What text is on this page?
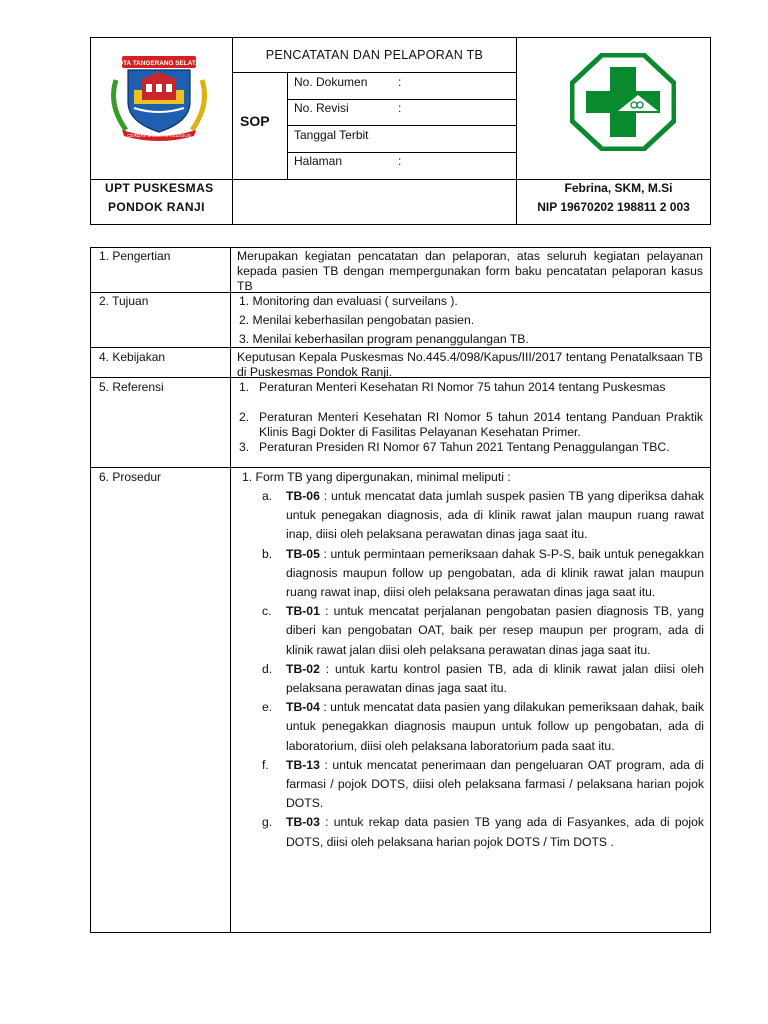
KOTA TANGERANG SELATAN
CERDAS MODERN RELIGIUS
PENCATATAN DAN PELAPORAN TB
SOP
No. Dokumen	:
No. Revisi	:
Tanggal Terbit
Halaman	:
UPT PUSKESMAS
PONDOK RANJI
Febrina, SKM, M.Si
NIP 19670202 198811 2 003
1. Pengertian	Merupakan kegiatan pencatatan dan pelaporan, atas seluruh kegiatan pelayanan kepada pasien TB dengan mempergunakan form baku pencatatan pelaporan kasus TB
2. Tujuan	1. Monitoring dan evaluasi ( surveilans ).
2. Menilai keberhasilan pengobatan pasien.
3. Menilai keberhasilan program penanggulangan TB.
4. Kebijakan	Keputusan Kepala Puskesmas No.445.4/098/Kapus/III/2017 tentang Penatalksaan TB di Puskesmas Pondok Ranji.
5. Referensi	1. Peraturan Menteri Kesehatan RI Nomor 75 tahun 2014 tentang Puskesmas
2. Peraturan Menteri Kesehatan RI Nomor 5 tahun 2014 tentang Panduan Praktik Klinis Bagi Dokter di Fasilitas Pelayanan Kesehatan Primer.
3. Peraturan Presiden RI Nomor 67 Tahun 2021 Tentang Penaggulangan TBC.
6. Prosedur	1. Form TB yang dipergunakan, minimal meliputi :
a.	TB-06 : untuk mencatat data jumlah suspek pasien TB yang diperiksa dahak untuk penegakan diagnosis, ada di klinik rawat jalan maupun ruang rawat inap, diisi oleh pelaksana perawatan dinas jaga saat itu.
b.	TB-05 : untuk permintaan pemeriksaan dahak S-P-S, baik untuk penegakkan diagnosis maupun follow up pengobatan, ada di klinik rawat jalan maupun ruang rawat inap, diisi oleh pelaksana perawatan dinas jaga saat itu.
c.	TB-01 : untuk mencatat perjalanan pengobatan pasien diagnosis TB, yang diberi kan pengobatan OAT, baik per resep maupun per program, ada di klinik rawat jalan diisi oleh pelaksana perawatan dinas jaga saat itu.
d.	TB-02 : untuk kartu kontrol pasien TB, ada di klinik rawat jalan diisi oleh pelaksana perawatan dinas jaga saat itu.
e.	TB-04 : untuk mencatat data pasien yang dilakukan pemeriksaan dahak, baik untuk penegakkan diagnosis maupun untuk follow up pengobatan, ada di laboratorium, diisi oleh pelaksana laboratorium pada saat itu.
f.	TB-13 : untuk mencatat penerimaan dan pengeluaran OAT program, ada di farmasi / pojok DOTS, diisi oleh pelaksana farmasi / pelaksana harian pojok DOTS.
g.	TB-03 : untuk rekap data pasien TB yang ada di Fasyankes, ada di pojok DOTS, diisi oleh pelaksana harian pojok DOTS / Tim DOTS .
